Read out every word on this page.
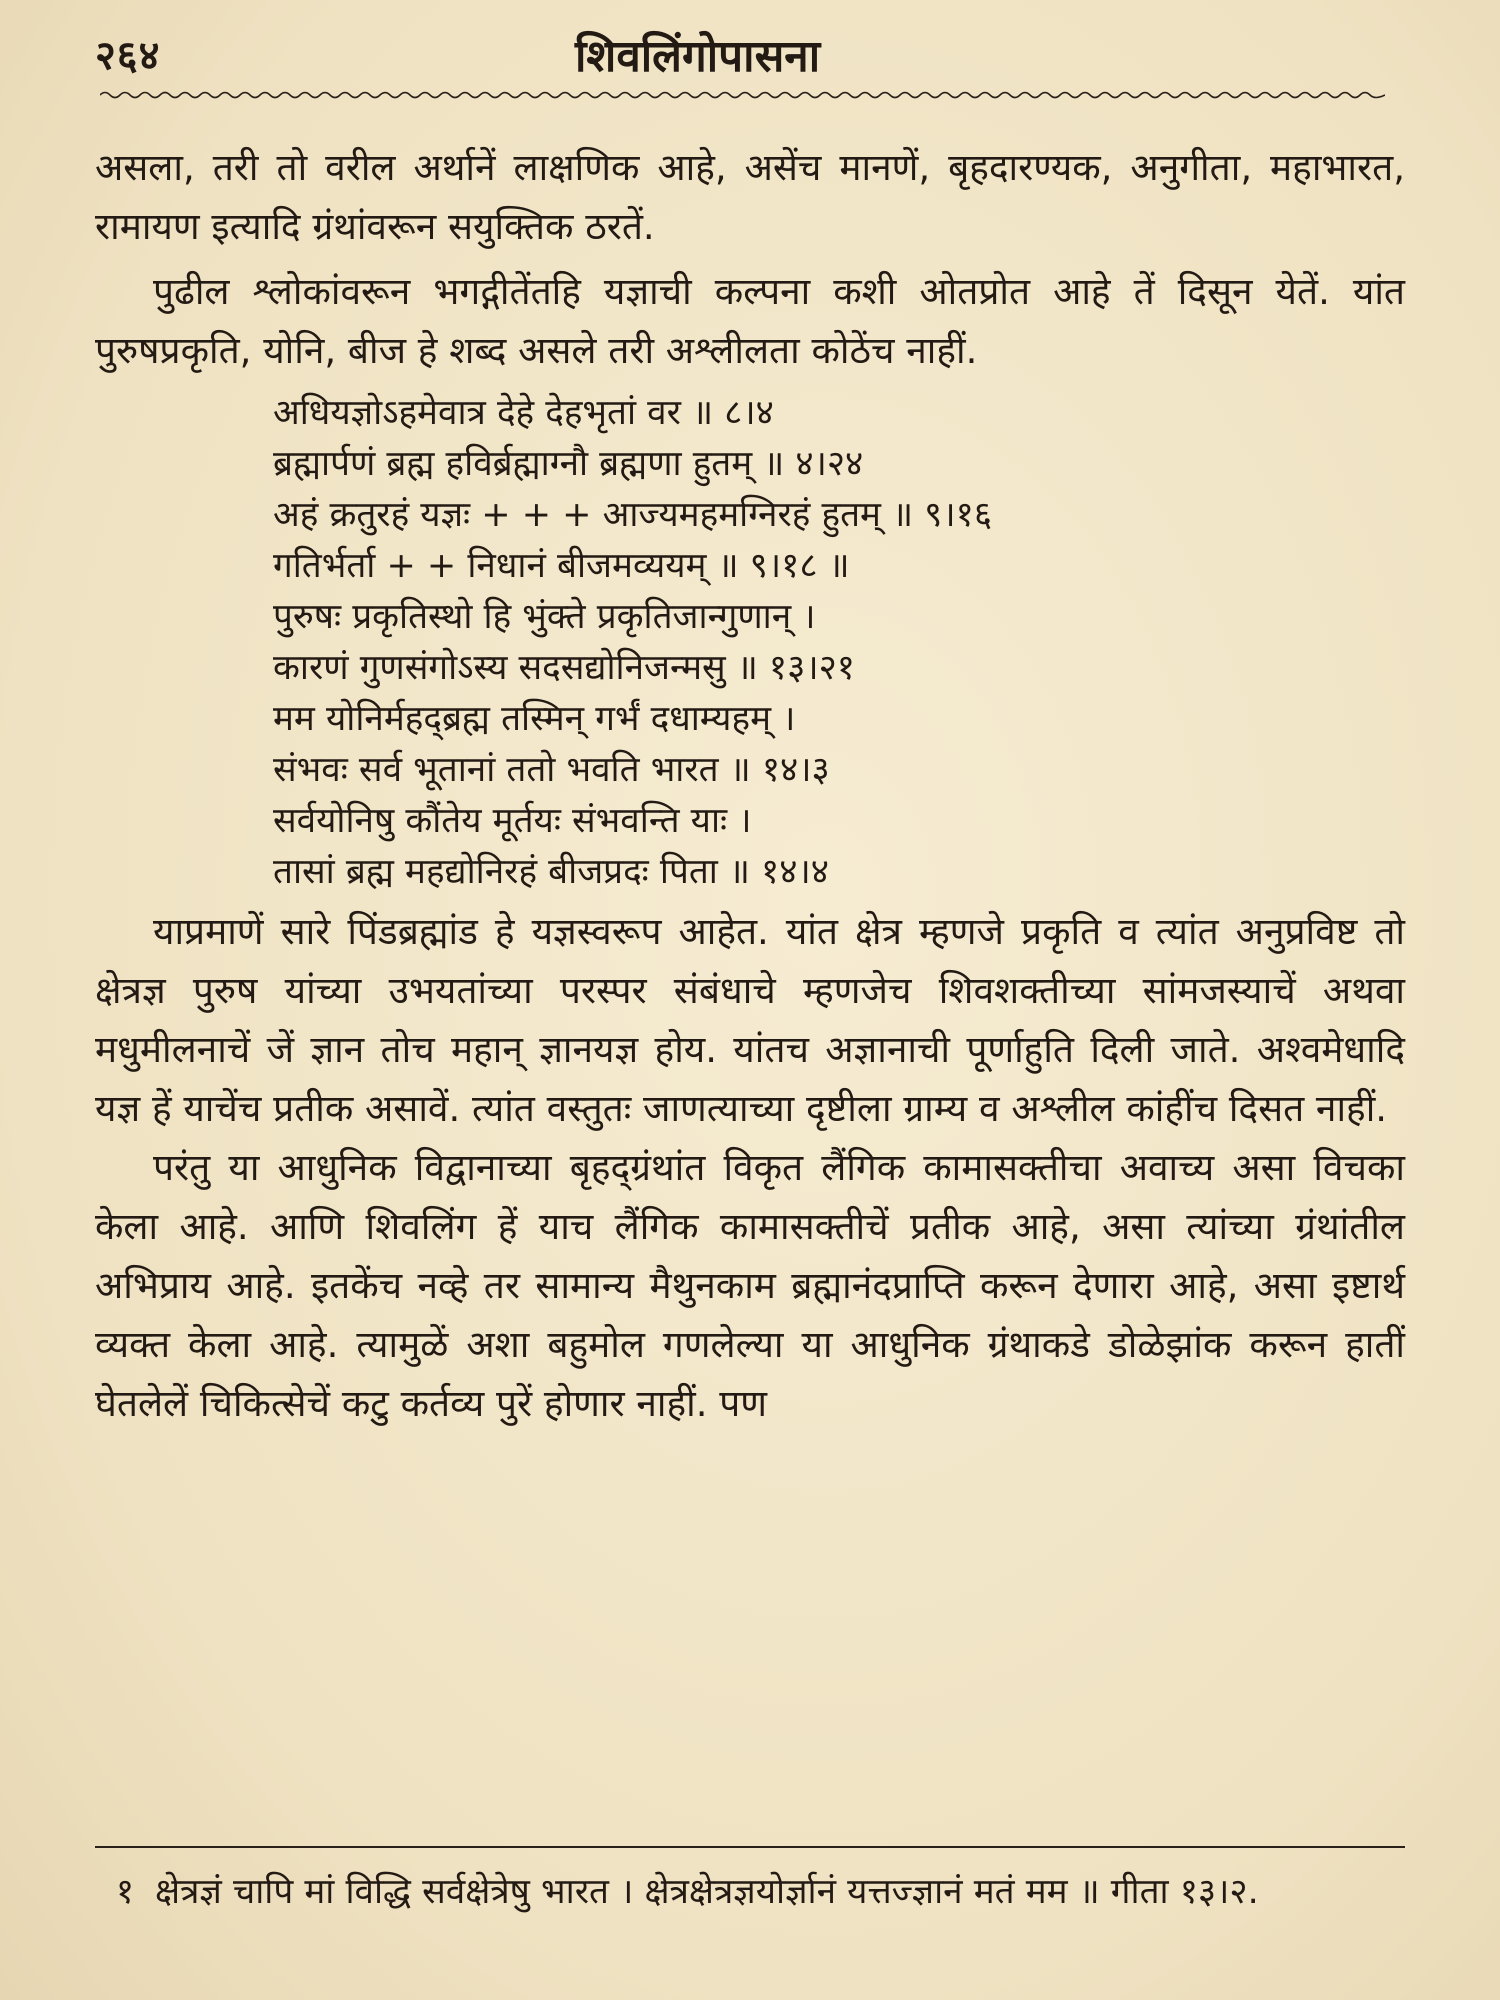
२६४	शिवलिंगोपासना

असला, तरी तो वरील अर्थानें लाक्षणिक आहे, असेंच मानणें, बृहदारण्यक, अनुगीता, महाभारत, रामायण इत्यादि ग्रंथांवरून सयुक्तिक ठरतें.

पुढील श्लोकांवरून भगद्गीतेंतहि यज्ञाची कल्पना कशी ओतप्रोत आहे तें दिसून येतें. यांत पुरुषप्रकृति, योनि, बीज हे शब्द असले तरी अश्लीलता कोठेंच नाहीं.

अधियज्ञोऽहमेवात्र देहे देहभृतां वर ॥ ८।४
ब्रह्मार्पणं ब्रह्म हविर्ब्रह्माग्नौ ब्रह्मणा हुतम् ॥ ४।२४
अहं क्रतुरहं यज्ञः + + + आज्यमहमग्निरहं हुतम् ॥ ९।१६
गतिर्भर्ता + + निधानं बीजमव्ययम् ॥ ९।१८ ॥
पुरुषः प्रकृतिस्थो हि भुंक्ते प्रकृतिजान्गुणान् ।
कारणं गुणसंगोऽस्य सदसद्योनिजन्मसु ॥ १३।२१
मम योनिर्महद्ब्रह्म तस्मिन् गर्भं दधाम्यहम् ।
संभवः सर्व भूतानां ततो भवति भारत ॥ १४।३
सर्वयोनिषु कौंतेय मूर्तयः संभवन्ति याः ।
तासां ब्रह्म महद्योनिरहं बीजप्रदः पिता ॥ १४।४

याप्रमाणें सारे पिंडब्रह्मांड हे यज्ञस्वरूप आहेत. यांत क्षेत्र म्हणजे प्रकृति व त्यांत अनुप्रविष्ट तो क्षेत्रज्ञ पुरुष यांच्या उभयतांच्या परस्पर संबंधाचे म्हणजेच शिवशक्तीच्या सांमजस्याचें अथवा मधुमीलनाचें जें ज्ञान तोच महान् ज्ञानयज्ञ होय. यांतच अज्ञानाची पूर्णाहुति दिली जाते. अश्वमेधादि यज्ञ हें याचेंच प्रतीक असावें. त्यांत वस्तुतः जाणत्याच्या दृष्टीला ग्राम्य व अश्लील कांहींच दिसत नाहीं.

परंतु या आधुनिक विद्वानाच्या बृहद्ग्रंथांत विकृत लैंगिक कामासक्तीचा अवाच्य असा विचका केला आहे. आणि शिवलिंग हें याच लैंगिक कामासक्तीचें प्रतीक आहे, असा त्यांच्या ग्रंथांतील अभिप्राय आहे. इतकेंच नव्हे तर सामान्य मैथुनकाम ब्रह्मानंदप्राप्ति करून देणारा आहे, असा इष्टार्थ व्यक्त केला आहे. त्यामुळें अशा बहुमोल गणलेल्या या आधुनिक ग्रंथाकडे डोळेझांक करून हातीं घेतलेलें चिकित्सेचें कटु कर्तव्य पुरें होणार नाहीं. पण

१ क्षेत्रज्ञं चापि मां विद्धि सर्वक्षेत्रेषु भारत । क्षेत्रक्षेत्रज्ञयोर्ज्ञानं यत्तज्ज्ञानं मतं मम ॥ गीता १३।२.
